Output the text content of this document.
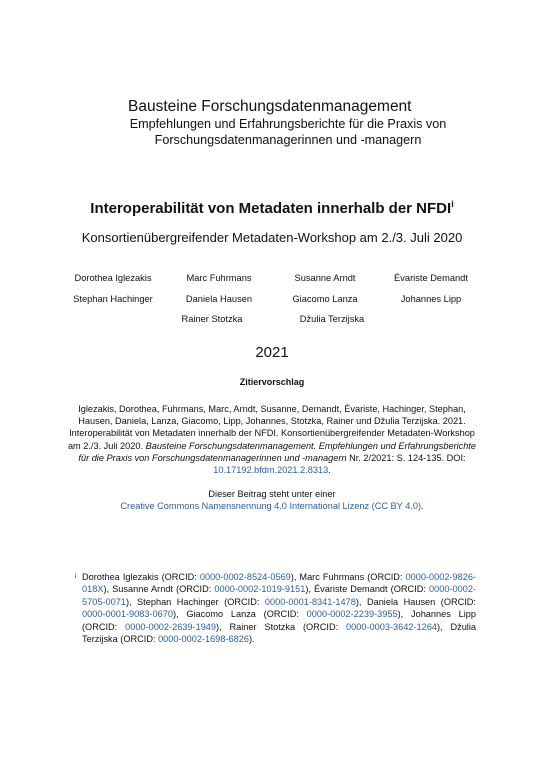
Bausteine Forschungsdatenmanagement
Empfehlungen und Erfahrungsberichte für die Praxis von Forschungsdatenmanagerinnen und -managern
Interoperabilität von Metadaten innerhalb der NFDI$^i$
Konsortienübergreifender Metadaten-Workshop am 2./3. Juli 2020
Dorothea Iglezakis	Marc Fuhrmans	Susanne Arndt	Évariste Demandt
Stephan Hachinger	Daniela Hausen	Giacomo Lanza	Johannes Lipp
Rainer Stotzka	Džulia Terzijska
2021
Zitiervorschlag
Iglezakis, Dorothea, Fuhrmans, Marc, Arndt, Susanne, Demandt, Évariste, Hachinger, Stephan, Hausen, Daniela, Lanza, Giacomo, Lipp, Johannes, Stotzka, Rainer und Džulia Terzijska. 2021. Interoperabilität von Metadaten innerhalb der NFDI. Konsortienübergreifender Metadaten-Workshop am 2./3. Juli 2020. Bausteine Forschungsdatenmanagement. Empfehlungen und Erfahrungsberichte für die Praxis von Forschungsdatenmanagerinnen und -managern Nr. 2/2021: S. 124-135. DOI: 10.17192.bfdm.2021.2.8313.
Dieser Beitrag steht unter einer
Creative Commons Namensnennung 4.0 International Lizenz (CC BY 4.0).
i Dorothea Iglezakis (ORCID: 0000-0002-8524-0569), Marc Fuhrmans (ORCID: 0000-0002-9826-018X), Susanne Arndt (ORCID: 0000-0002-1019-9151), Évariste Demandt (ORCID: 0000-0002-5705-0071), Stephan Hachinger (ORCID: 0000-0001-8341-1478), Daniela Hausen (ORCID: 0000-0001-9083-0670), Giacomo Lanza (ORCID: 0000-0002-2239-3955), Johannes Lipp (ORCID: 0000-0002-2639-1949), Rainer Stotzka (ORCID: 0000-0003-3642-1264), Džulia Terzijska (ORCID: 0000-0002-1698-6826).
